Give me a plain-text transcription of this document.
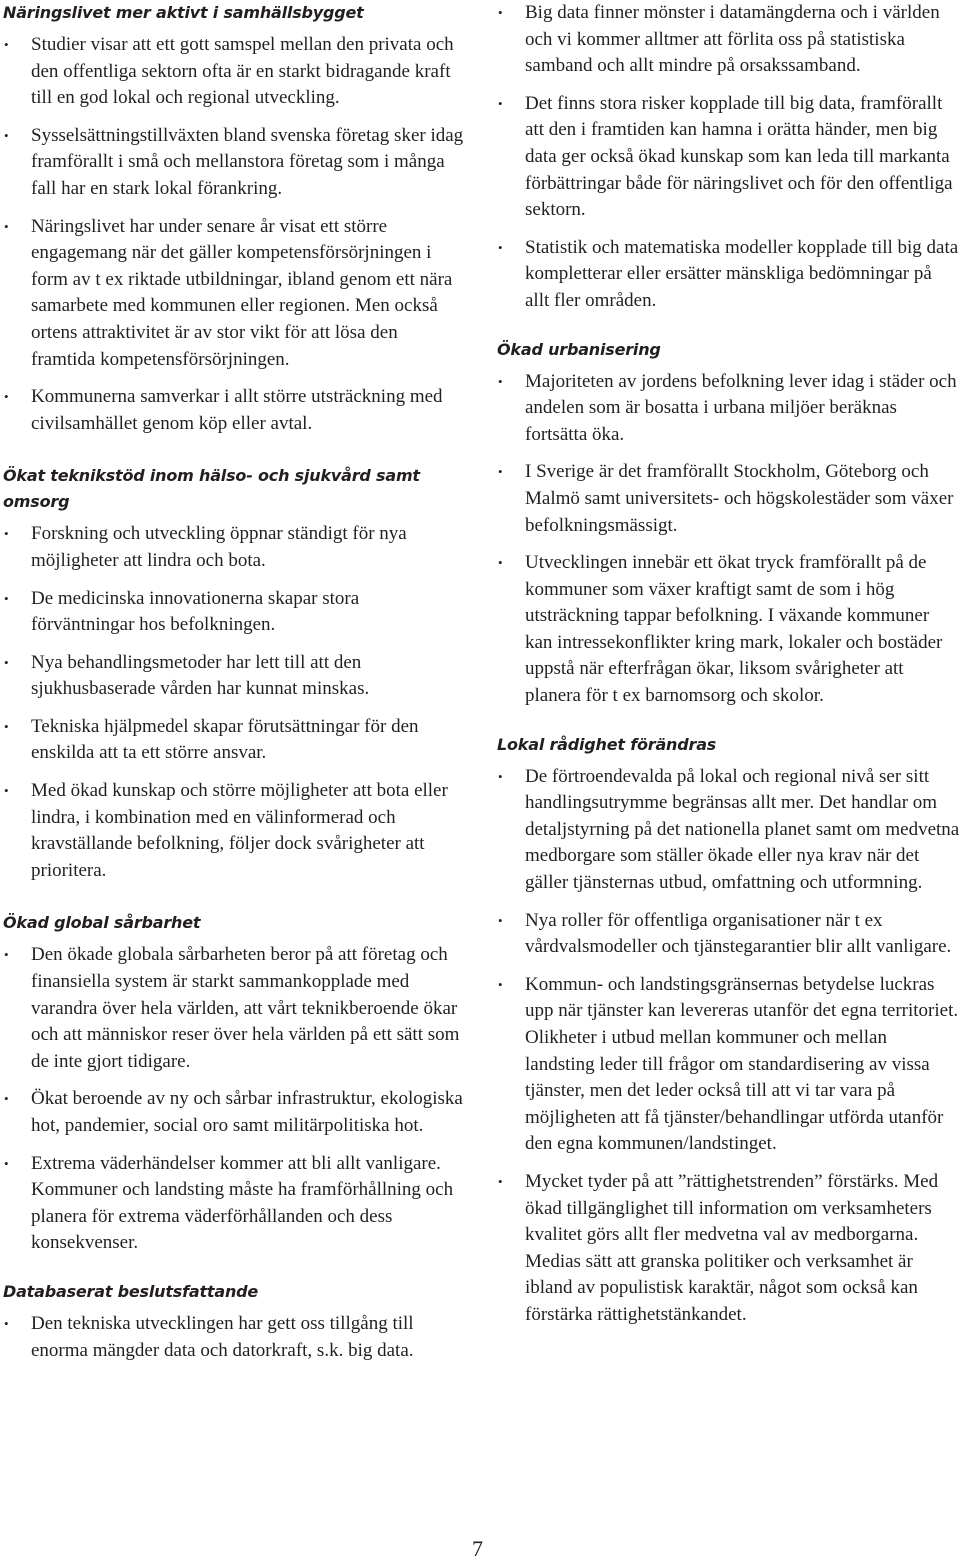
Näringslivet mer aktivt i samhällsbygget
• Studier visar att ett gott samspel mellan den privata och den offentliga sektorn ofta är en starkt bidragande kraft till en god lokal och regional utveckling.
• Sysselsättningstillväxten bland svenska företag sker idag framförallt i små och mellanstora företag som i många fall har en stark lokal förankring.
• Näringslivet har under senare år visat ett större engagemang när det gäller kompetensförsörjningen i form av t ex riktade utbildningar, ibland genom ett nära samarbete med kommunen eller regionen. Men också ortens attraktivitet är av stor vikt för att lösa den framtida kompetensförsörjningen.
• Kommunerna samverkar i allt större utsträckning med civilsamhället genom köp eller avtal.
Ökat teknikstöd inom hälso- och sjukvård samt omsorg
• Forskning och utveckling öppnar ständigt för nya möjligheter att lindra och bota.
• De medicinska innovationerna skapar stora förväntningar hos befolkningen.
• Nya behandlingsmetoder har lett till att den sjukhusbaserade vården har kunnat minskas.
• Tekniska hjälpmedel skapar förutsättningar för den enskilda att ta ett större ansvar.
• Med ökad kunskap och större möjligheter att bota eller lindra, i kombination med en välinformerad och kravställande befolkning, följer dock svårigheter att prioritera.
Ökad global sårbarhet
• Den ökade globala sårbarheten beror på att företag och finansiella system är starkt sammankopplade med varandra över hela världen, att vårt teknikberoende ökar och att människor reser över hela världen på ett sätt som de inte gjort tidigare.
• Ökat beroende av ny och sårbar infrastruktur, ekologiska hot, pandemier, social oro samt militärpolitiska hot.
• Extrema väderhändelser kommer att bli allt vanligare. Kommuner och landsting måste ha framförhållning och planera för extrema väderförhållanden och dess konsekvenser.
Databaserat beslutsfattande
• Den tekniska utvecklingen har gett oss tillgång till enorma mängder data och datorkraft, s.k. big data.
• Big data finner mönster i datamängderna och i världen och vi kommer alltmer att förlita oss på statistiska samband och allt mindre på orsakssamband.
• Det finns stora risker kopplade till big data, framförallt att den i framtiden kan hamna i orätta händer, men big data ger också ökad kunskap som kan leda till markanta förbättringar både för näringslivet och för den offentliga sektorn.
• Statistik och matematiska modeller kopplade till big data kompletterar eller ersätter mänskliga bedömningar på allt fler områden.
Ökad urbanisering
• Majoriteten av jordens befolkning lever idag i städer och andelen som är bosatta i urbana miljöer beräknas fortsätta öka.
• I Sverige är det framförallt Stockholm, Göteborg och Malmö samt universitets- och högskolestäder som växer befolkningsmässigt.
• Utvecklingen innebär ett ökat tryck framförallt på de kommuner som växer kraftigt samt de som i hög utsträckning tappar befolkning. I växande kommuner kan intressekonflikter kring mark, lokaler och bostäder uppstå när efterfrågan ökar, liksom svårigheter att planera för t ex barnomsorg och skolor.
Lokal rådighet förändras
• De förtroendevalda på lokal och regional nivå ser sitt handlingsutrymme begränsas allt mer. Det handlar om detaljstyrning på det nationella planet samt om medvetna medborgare som ställer ökade eller nya krav när det gäller tjänsternas utbud, omfattning och utformning.
• Nya roller för offentliga organisationer när t ex vårdvalsmodeller och tjänstegarantier blir allt vanligare.
• Kommun- och landstingsgränsernas betydelse luckras upp när tjänster kan levereras utanför det egna territoriet. Olikheter i utbud mellan kommuner och mellan landsting leder till frågor om standardisering av vissa tjänster, men det leder också till att vi tar vara på möjligheten att få tjänster/behandlingar utförda utanför den egna kommunen/landstinget.
• Mycket tyder på att ”rättighetstrenden” förstärks. Med ökad tillgänglighet till information om verksamheters kvalitet görs allt fler medvetna val av medborgarna. Medias sätt att granska politiker och verksamhet är ibland av populistisk karaktär, något som också kan förstärka rättighetstänkandet.
7
